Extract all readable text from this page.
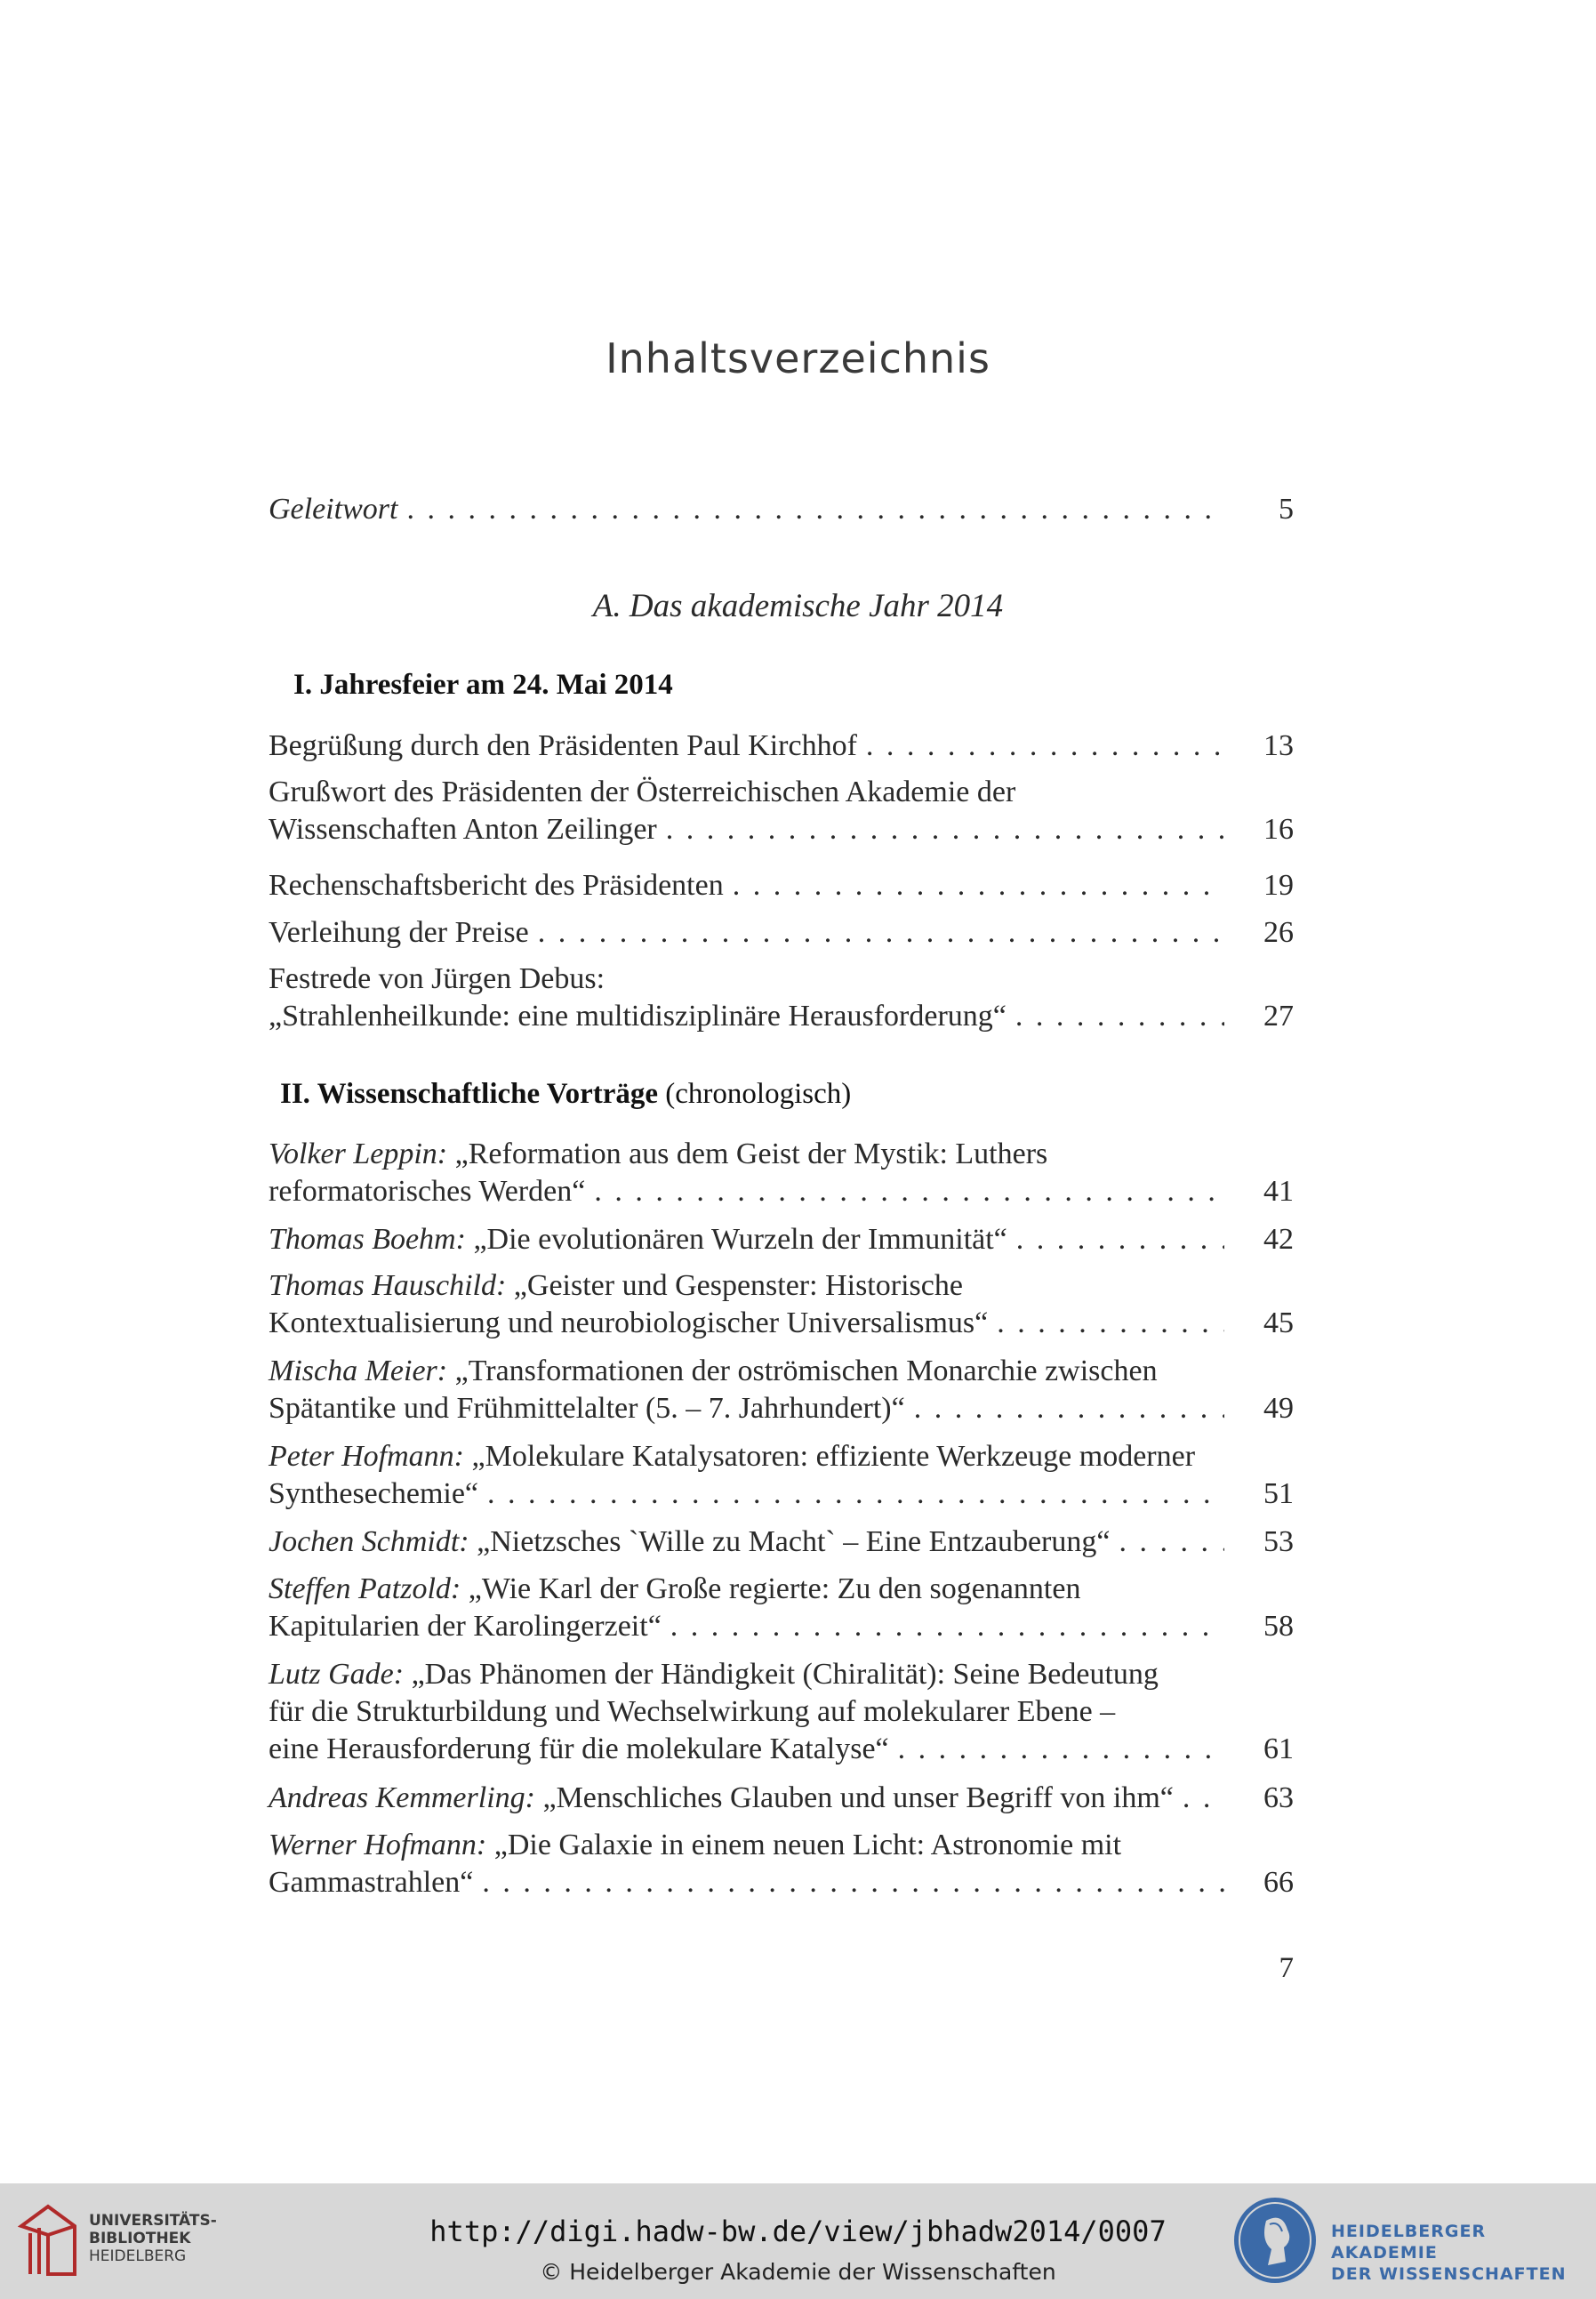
Inhaltsverzeichnis
Geleitwort . . .	5
A. Das akademische Jahr 2014
I. Jahresfeier am 24. Mai 2014
Begrüßung durch den Präsidenten Paul Kirchhof . . .	13
Grußwort des Präsidenten der Österreichischen Akademie der
Wissenschaften Anton Zeilinger . . .	16
Rechenschaftsbericht des Präsidenten . . .	19
Verleihung der Preise . . .	26
Festrede von Jürgen Debus:
„Strahlenheilkunde: eine multidisziplinäre Herausforderung“ . . .	27
II. Wissenschaftliche Vorträge (chronologisch)
Volker Leppin: „Reformation aus dem Geist der Mystik: Luthers
reformatorisches Werden“ . . .	41
Thomas Boehm: „Die evolutionären Wurzeln der Immunität“ . . .	42
Thomas Hauschild: „Geister und Gespenster: Historische
Kontextualisierung und neurobiologischer Universalismus“ . . .	45
Mischa Meier: „Transformationen der oströmischen Monarchie zwischen
Spätantike und Frühmittelalter (5. – 7. Jahrhundert)“ . . .	49
Peter Hofmann: „Molekulare Katalysatoren: effiziente Werkzeuge moderner
Synthesechemie“ . . .	51
Jochen Schmidt: „Nietzsches `Wille zu Macht` – Eine Entzauberung“ . . .	53
Steffen Patzold: „Wie Karl der Große regierte: Zu den sogenannten
Kapitularien der Karolingerzeit“ . . .	58
Lutz Gade: „Das Phänomen der Händigkeit (Chiralität): Seine Bedeutung
für die Strukturbildung und Wechselwirkung auf molekularer Ebene –
eine Herausforderung für die molekulare Katalyse“ . . .	61
Andreas Kemmerling: „Menschliches Glauben und unser Begriff von ihm“ . . .	63
Werner Hofmann: „Die Galaxie in einem neuen Licht: Astronomie mit
Gammastrahlen“ . . .	66
7
UNIVERSITÄTS-
BIBLIOTHEK
HEIDELBERG
http://digi.hadw-bw.de/view/jbhadw2014/0007
© Heidelberger Akademie der Wissenschaften
HEIDELBERGER AKADEMIE
DER WISSENSCHAFTEN
